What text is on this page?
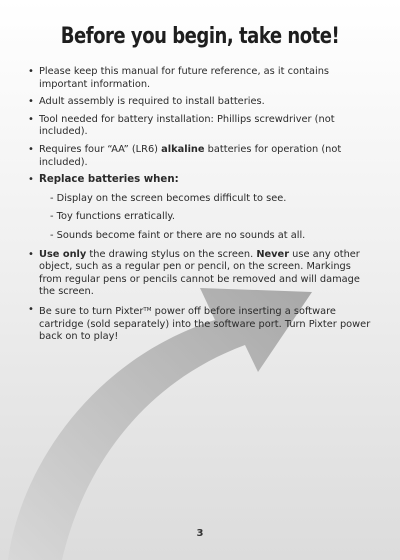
Before you begin, take note!
• Please keep this manual for future reference, as it contains important information.
• Adult assembly is required to install batteries.
• Tool needed for battery installation: Phillips screwdriver (not included).
• Requires four “AA” (LR6) alkaline batteries for operation (not included).
• Replace batteries when:
- Display on the screen becomes difficult to see.
- Toy functions erratically.
- Sounds become faint or there are no sounds at all.
• Use only the drawing stylus on the screen. Never use any other object, such as a regular pen or pencil, on the screen. Markings from regular pens or pencils cannot be removed and will damage the screen.
• Be sure to turn Pixter™ power off before inserting a software cartridge (sold separately) into the software port. Turn Pixter power back on to play!
3
